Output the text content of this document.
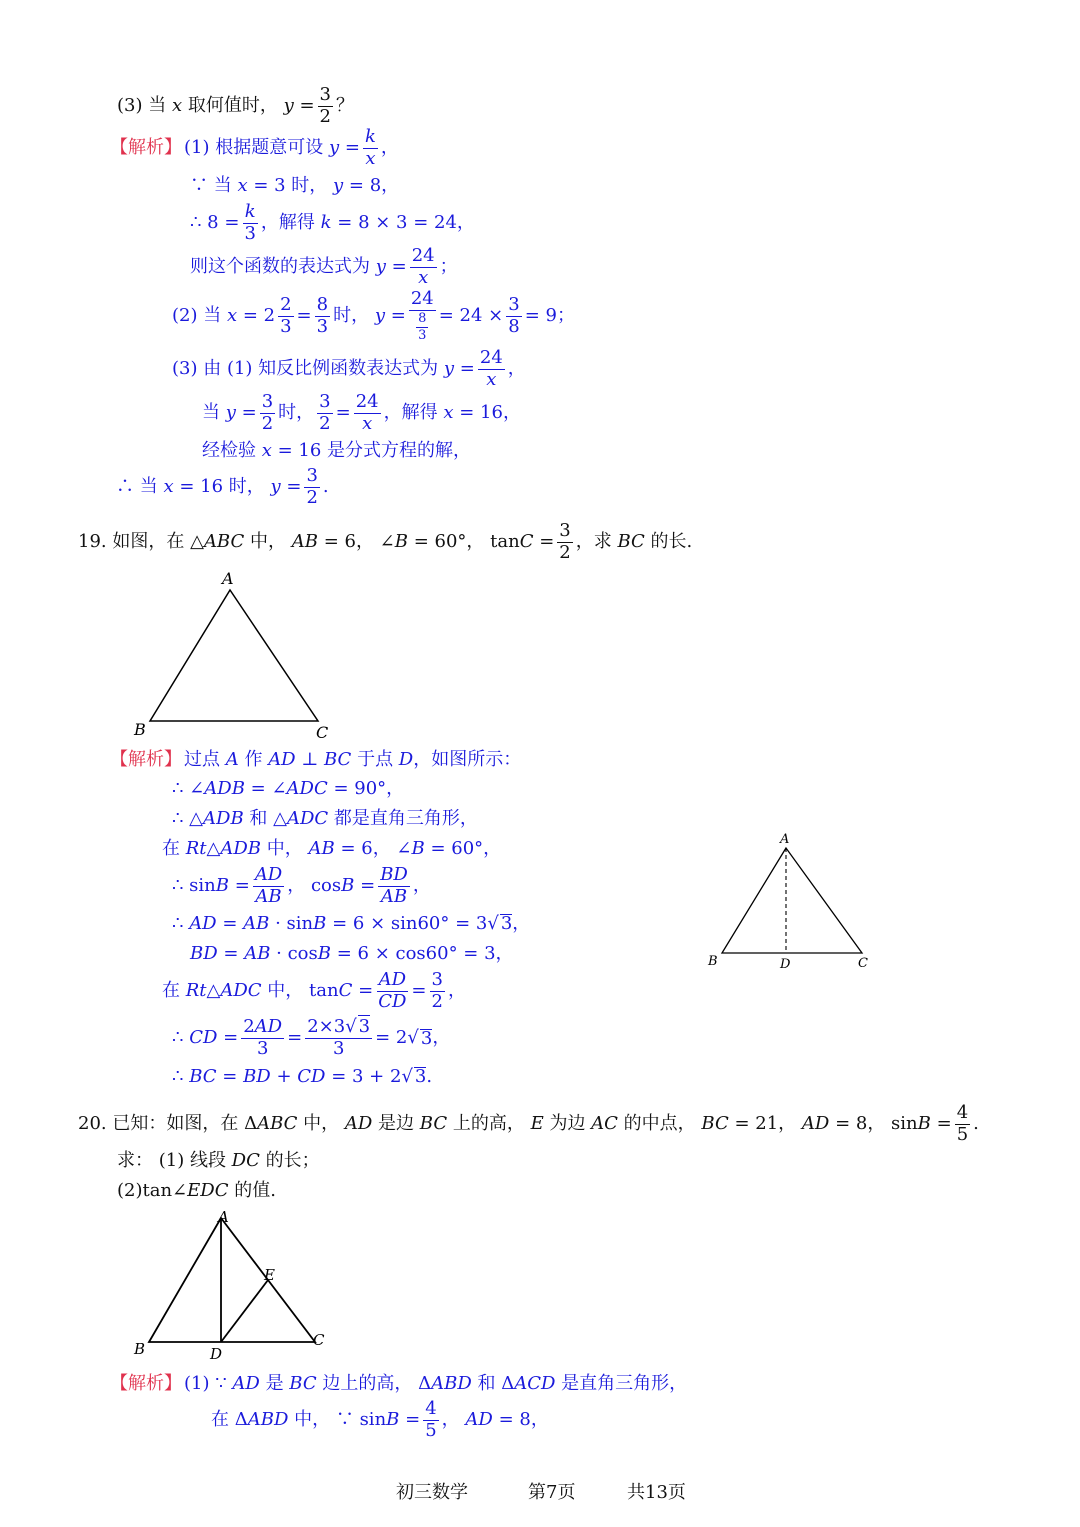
(3) 当 x 取何值时， $y = \frac{3}{2}$ ？
【解析】 (1) 根据题意可设 $y = \frac{k}{x}$ ，
∵ 当 x = 3 时， y = 8，
∴ $8 = \frac{k}{3}$ ，解得 k = 8 × 3 = 24，
则这个函数的表达式为 $y = \frac{24}{x}$ ；
(2) 当 $x = 2 \frac{2}{3} = \frac{8}{3}$ 时， $y = \frac{24}{\frac{8}{3}} = 24 \times \frac{3}{8} = 9$；
(3) 由 (1) 知反比例函数表达式为 $y = \frac{24}{x}$ ，
当 $y = \frac{3}{2}$ 时， $\frac{3}{2} = \frac{24}{x}$ ，解得 x = 16，
经检验 x = 16 是分式方程的解，
∴ 当 x = 16 时， $y = \frac{3}{2}$ .
19. 如图，在 △ ABC 中， AB = 6， ∠ B = 60°， $\tan C = \frac{3}{2}$ ，求 BC 的长.
A
B	C
【解析】 过点 A 作 AD ⊥ BC 于点 D ，如图所示：
∴ ∠ ADB = ∠ ADC = 90°，
∴ △ ADB 和 △ ADC 都是直角三角形，
在 Rt △ ADB 中， AB = 6， ∠ B = 60°，
∴ $\sin B = \frac{AD}{AB}$ ， $\cos B = \frac{BD}{AB}$ ，
∴ AD = AB · sin B = 6 × sin60° = 3√ 3 ，
BD = AB · cos B = 6 × cos60° = 3，
在 Rt △ ADC 中， $\tan C = \frac{AD}{CD} = \frac{3}{2}$ ，
∴ CD = $\frac{2AD}{3} = \frac{2\times 3√ 3}{3} = 2√$ 3 ，
∴ BC = BD + CD = 3 + 2√ 3 .
A
B	D	C
20. 已知：如图，在 Δ ABC 中， AD 是边 BC 上的高， E 为边 AC 的中点， BC = 21， AD = 8， $\sin B = \frac{4}{5}$ .
求： (1) 线段 DC 的长；
(2)tan∠ EDC 的值.
A
E
B	D
C
【解析】 (1) ∵ AD 是 BC 边上的高， Δ ABD 和 Δ ACD 是直角三角形，
在 Δ ABD 中， ∵ $\sin B = \frac{4}{5}$ ， AD = 8，
初三数学	第7页	共13页
